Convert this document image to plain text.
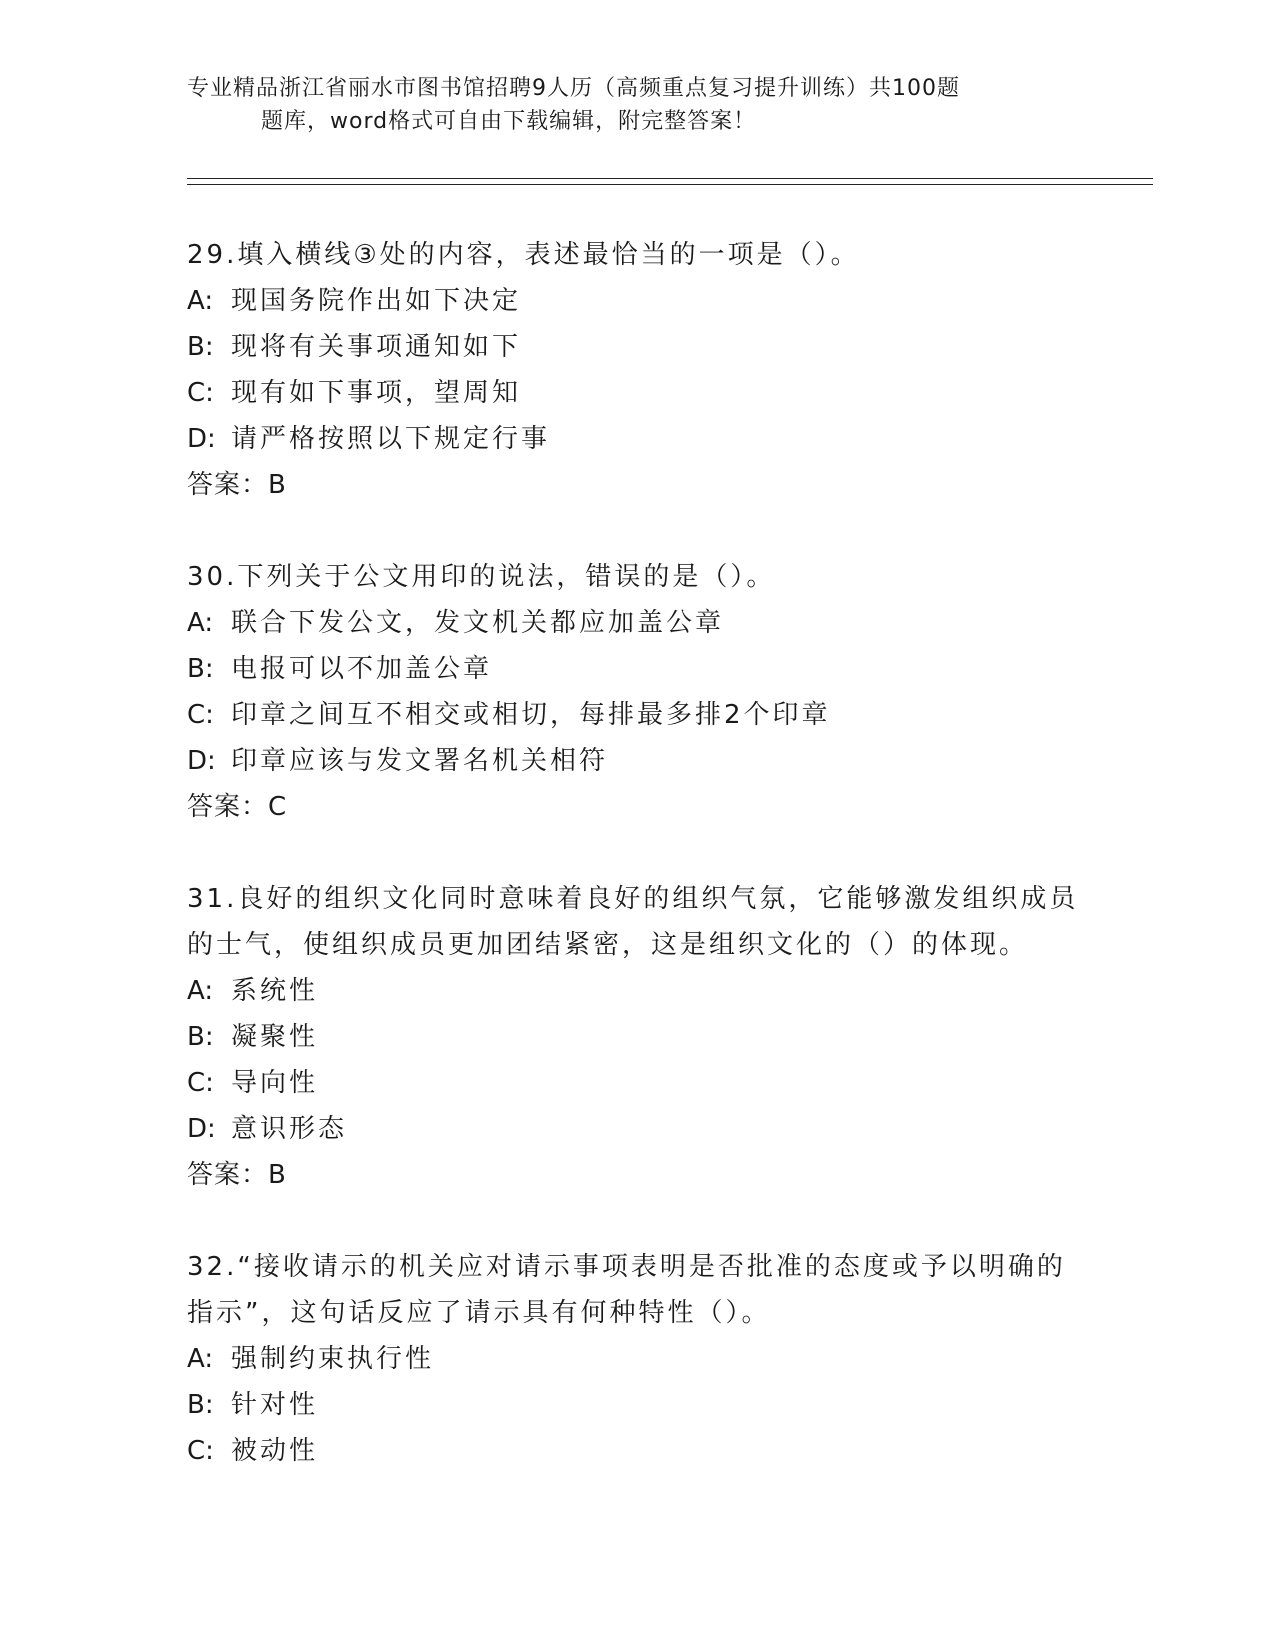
专业精品浙江省丽水市图书馆招聘9人历（高频重点复习提升训练）共100题
题库，word格式可自由下载编辑，附完整答案！
29.填入横线③处的内容，表述最恰当的一项是（）。
A: 现国务院作出如下决定
B: 现将有关事项通知如下
C: 现有如下事项，望周知
D: 请严格按照以下规定行事
答案：B
30.下列关于公文用印的说法，错误的是（）。
A: 联合下发公文，发文机关都应加盖公章
B: 电报可以不加盖公章
C: 印章之间互不相交或相切，每排最多排2个印章
D: 印章应该与发文署名机关相符
答案：C
31.良好的组织文化同时意味着良好的组织气氛，它能够激发组织成员的士气，使组织成员更加团结紧密，这是组织文化的（）的体现。
A: 系统性
B: 凝聚性
C: 导向性
D: 意识形态
答案：B
32.“接收请示的机关应对请示事项表明是否批准的态度或予以明确的指示”，这句话反应了请示具有何种特性（）。
A: 强制约束执行性
B: 针对性
C: 被动性
